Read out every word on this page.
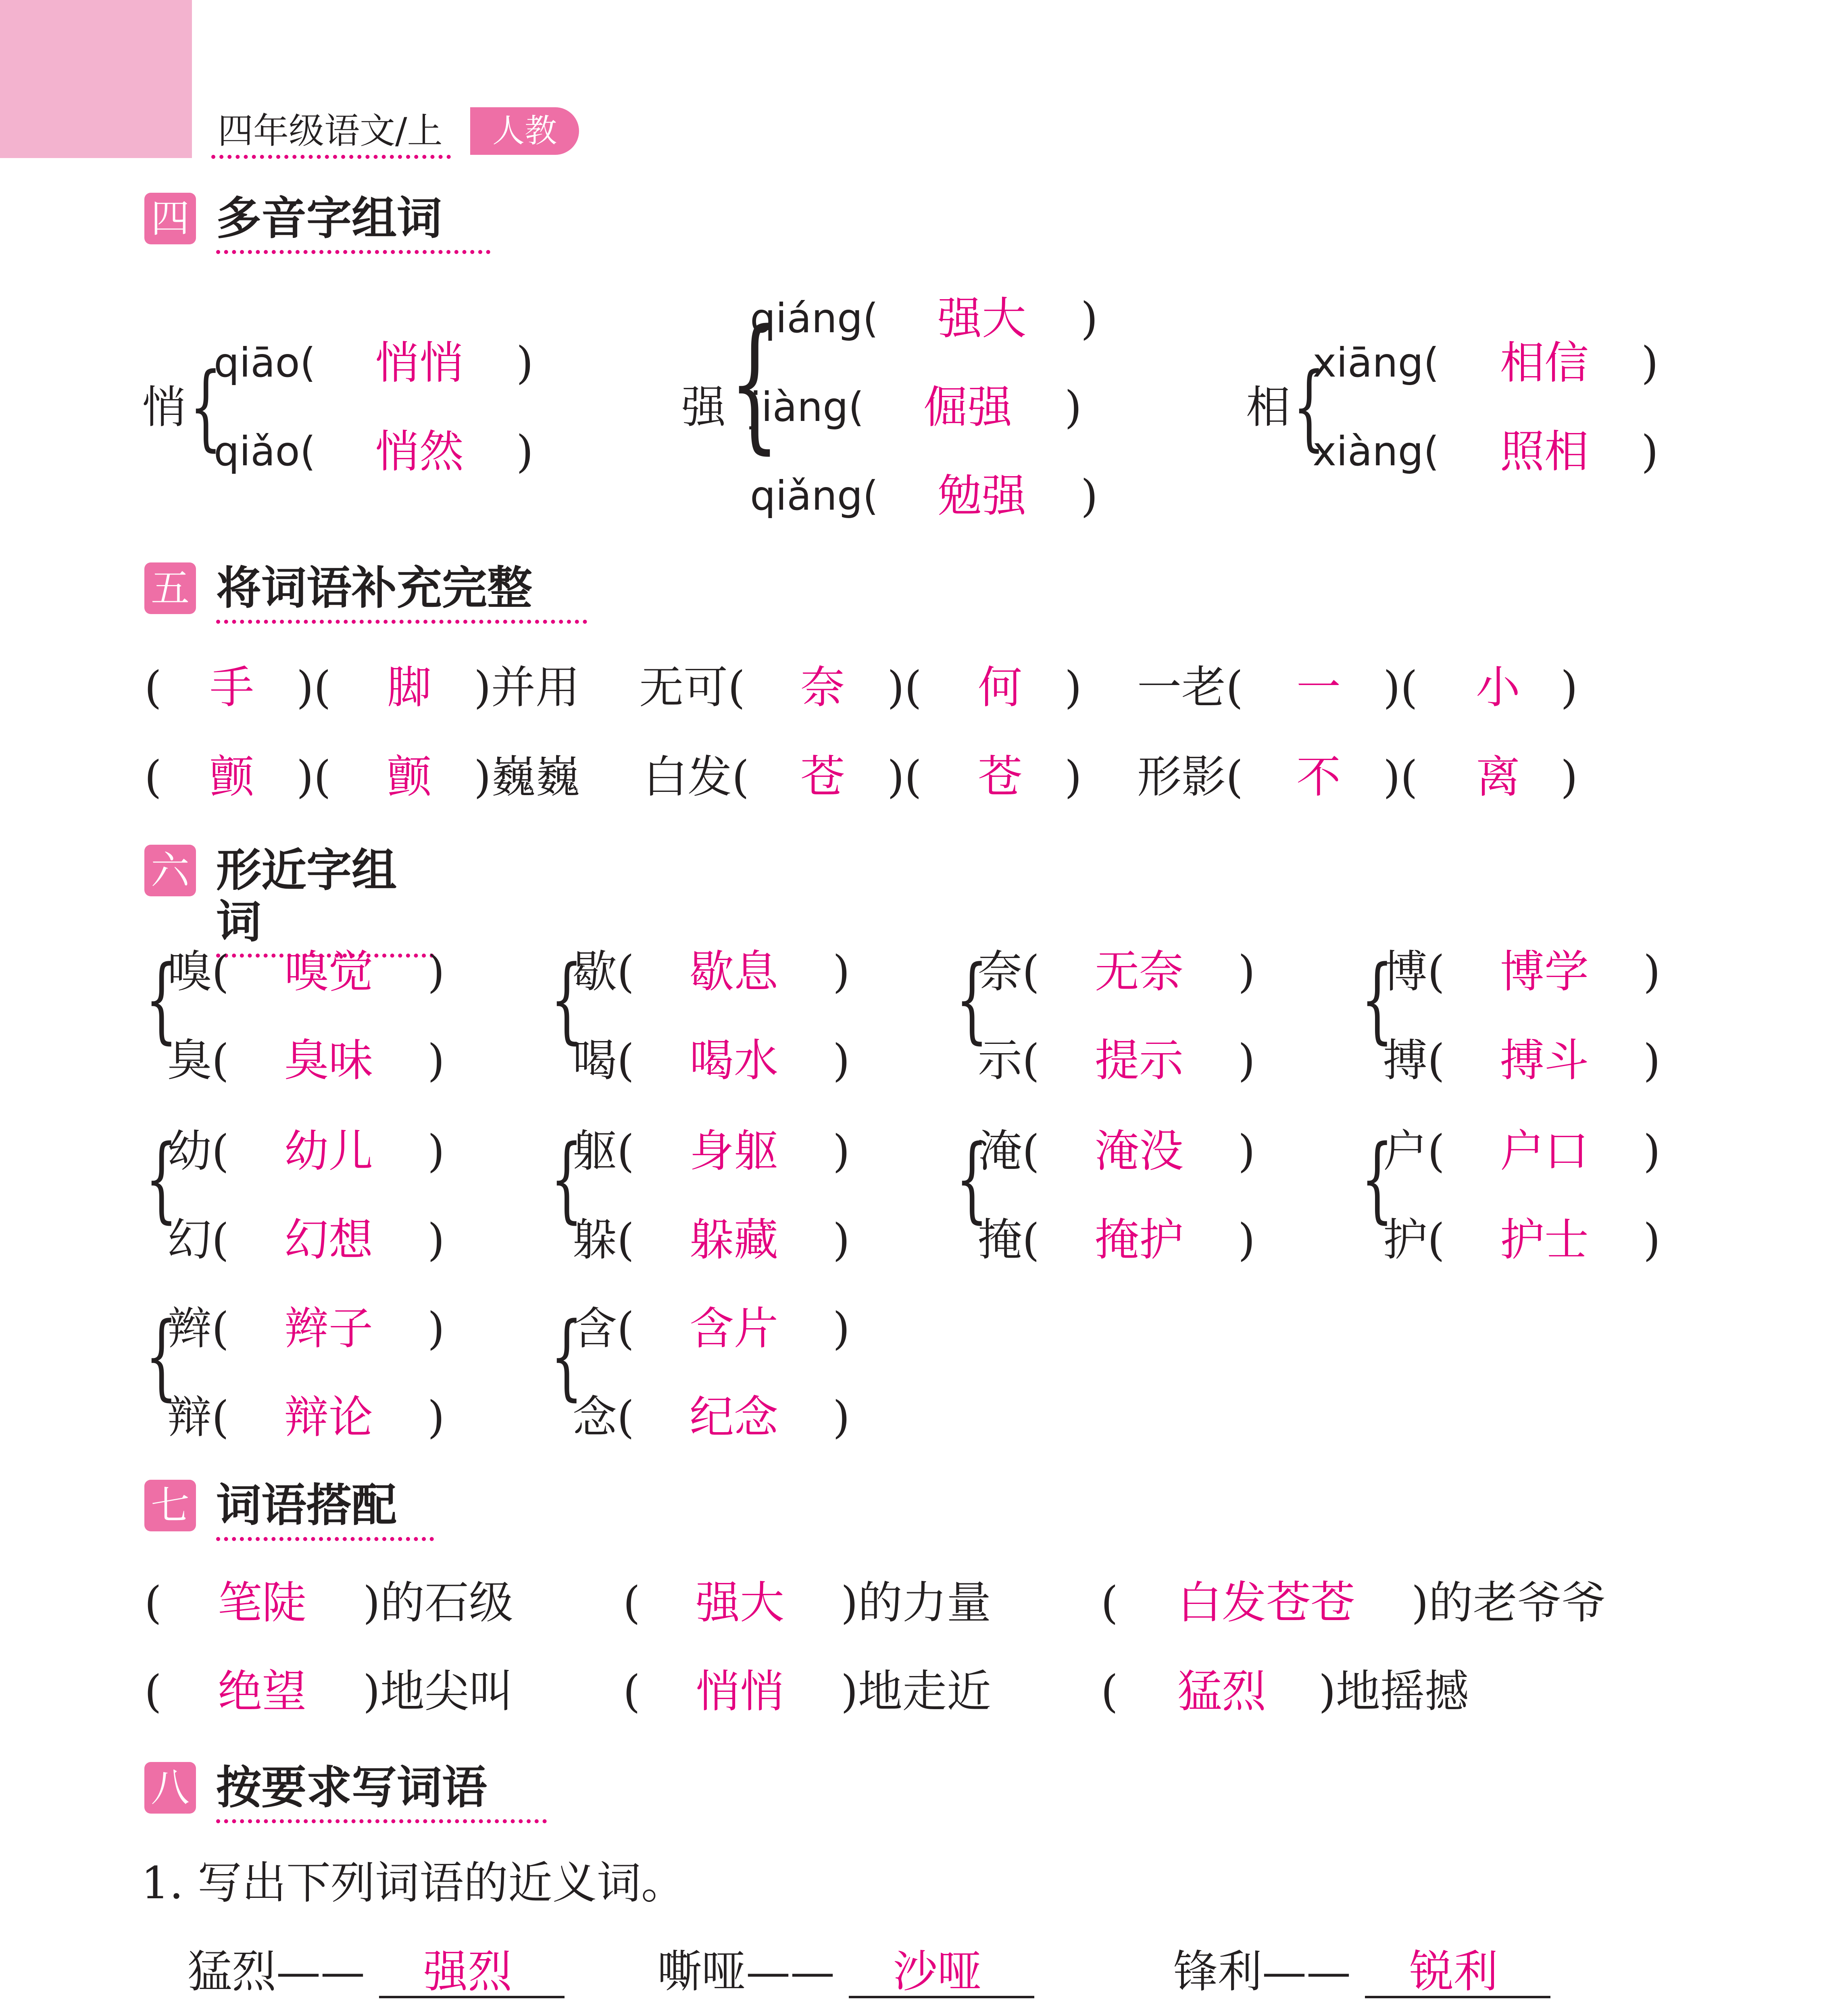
四年级语文/上	人教
四 多音字组词
悄 {
qiāo( 悄悄 )
qiǎo( 悄然 )
强 {
qiáng( 强大 )
jiàng( 倔强 )
qiǎng( 勉强 )
相 {
xiāng( 相信 )
xiàng( 照相 )
五 将词语补充完整
( 手 )( 脚 )并用 无可( 奈 )( 何 ) 一老( 一 )( 小 )
( 颤 )( 颤 )巍巍 白发( 苍 )( 苍 ) 形影( 不 )( 离 )
六 形近字组词
{
嗅( 嗅觉 )
臭( 臭味 )
{
歇( 歇息 )
喝( 喝水 )
{
奈( 无奈 )
示( 提示 )
{
博( 博学 )
搏( 搏斗 )
{
幼( 幼儿 )
幻( 幻想 )
{
躯( 身躯 )
躲( 躲藏 )
{
淹( 淹没 )
掩( 掩护 )
{
户( 户口 )
护( 护士 )
{
辫( 辫子 )
辩( 辩论 )
{
含( 含片 )
念( 纪念 )
七 词语搭配
( 笔陡 )的石级 ( 强大 )的力量 ( 白发苍苍 )的老爷爷
( 绝望 )地尖叫 ( 悄悄 )地走近 ( 猛烈 )地摇撼
八 按要求写词语
1. 写出下列词语的近义词。
猛烈—— 强烈	嘶哑—— 沙哑	锋利—— 锐利
